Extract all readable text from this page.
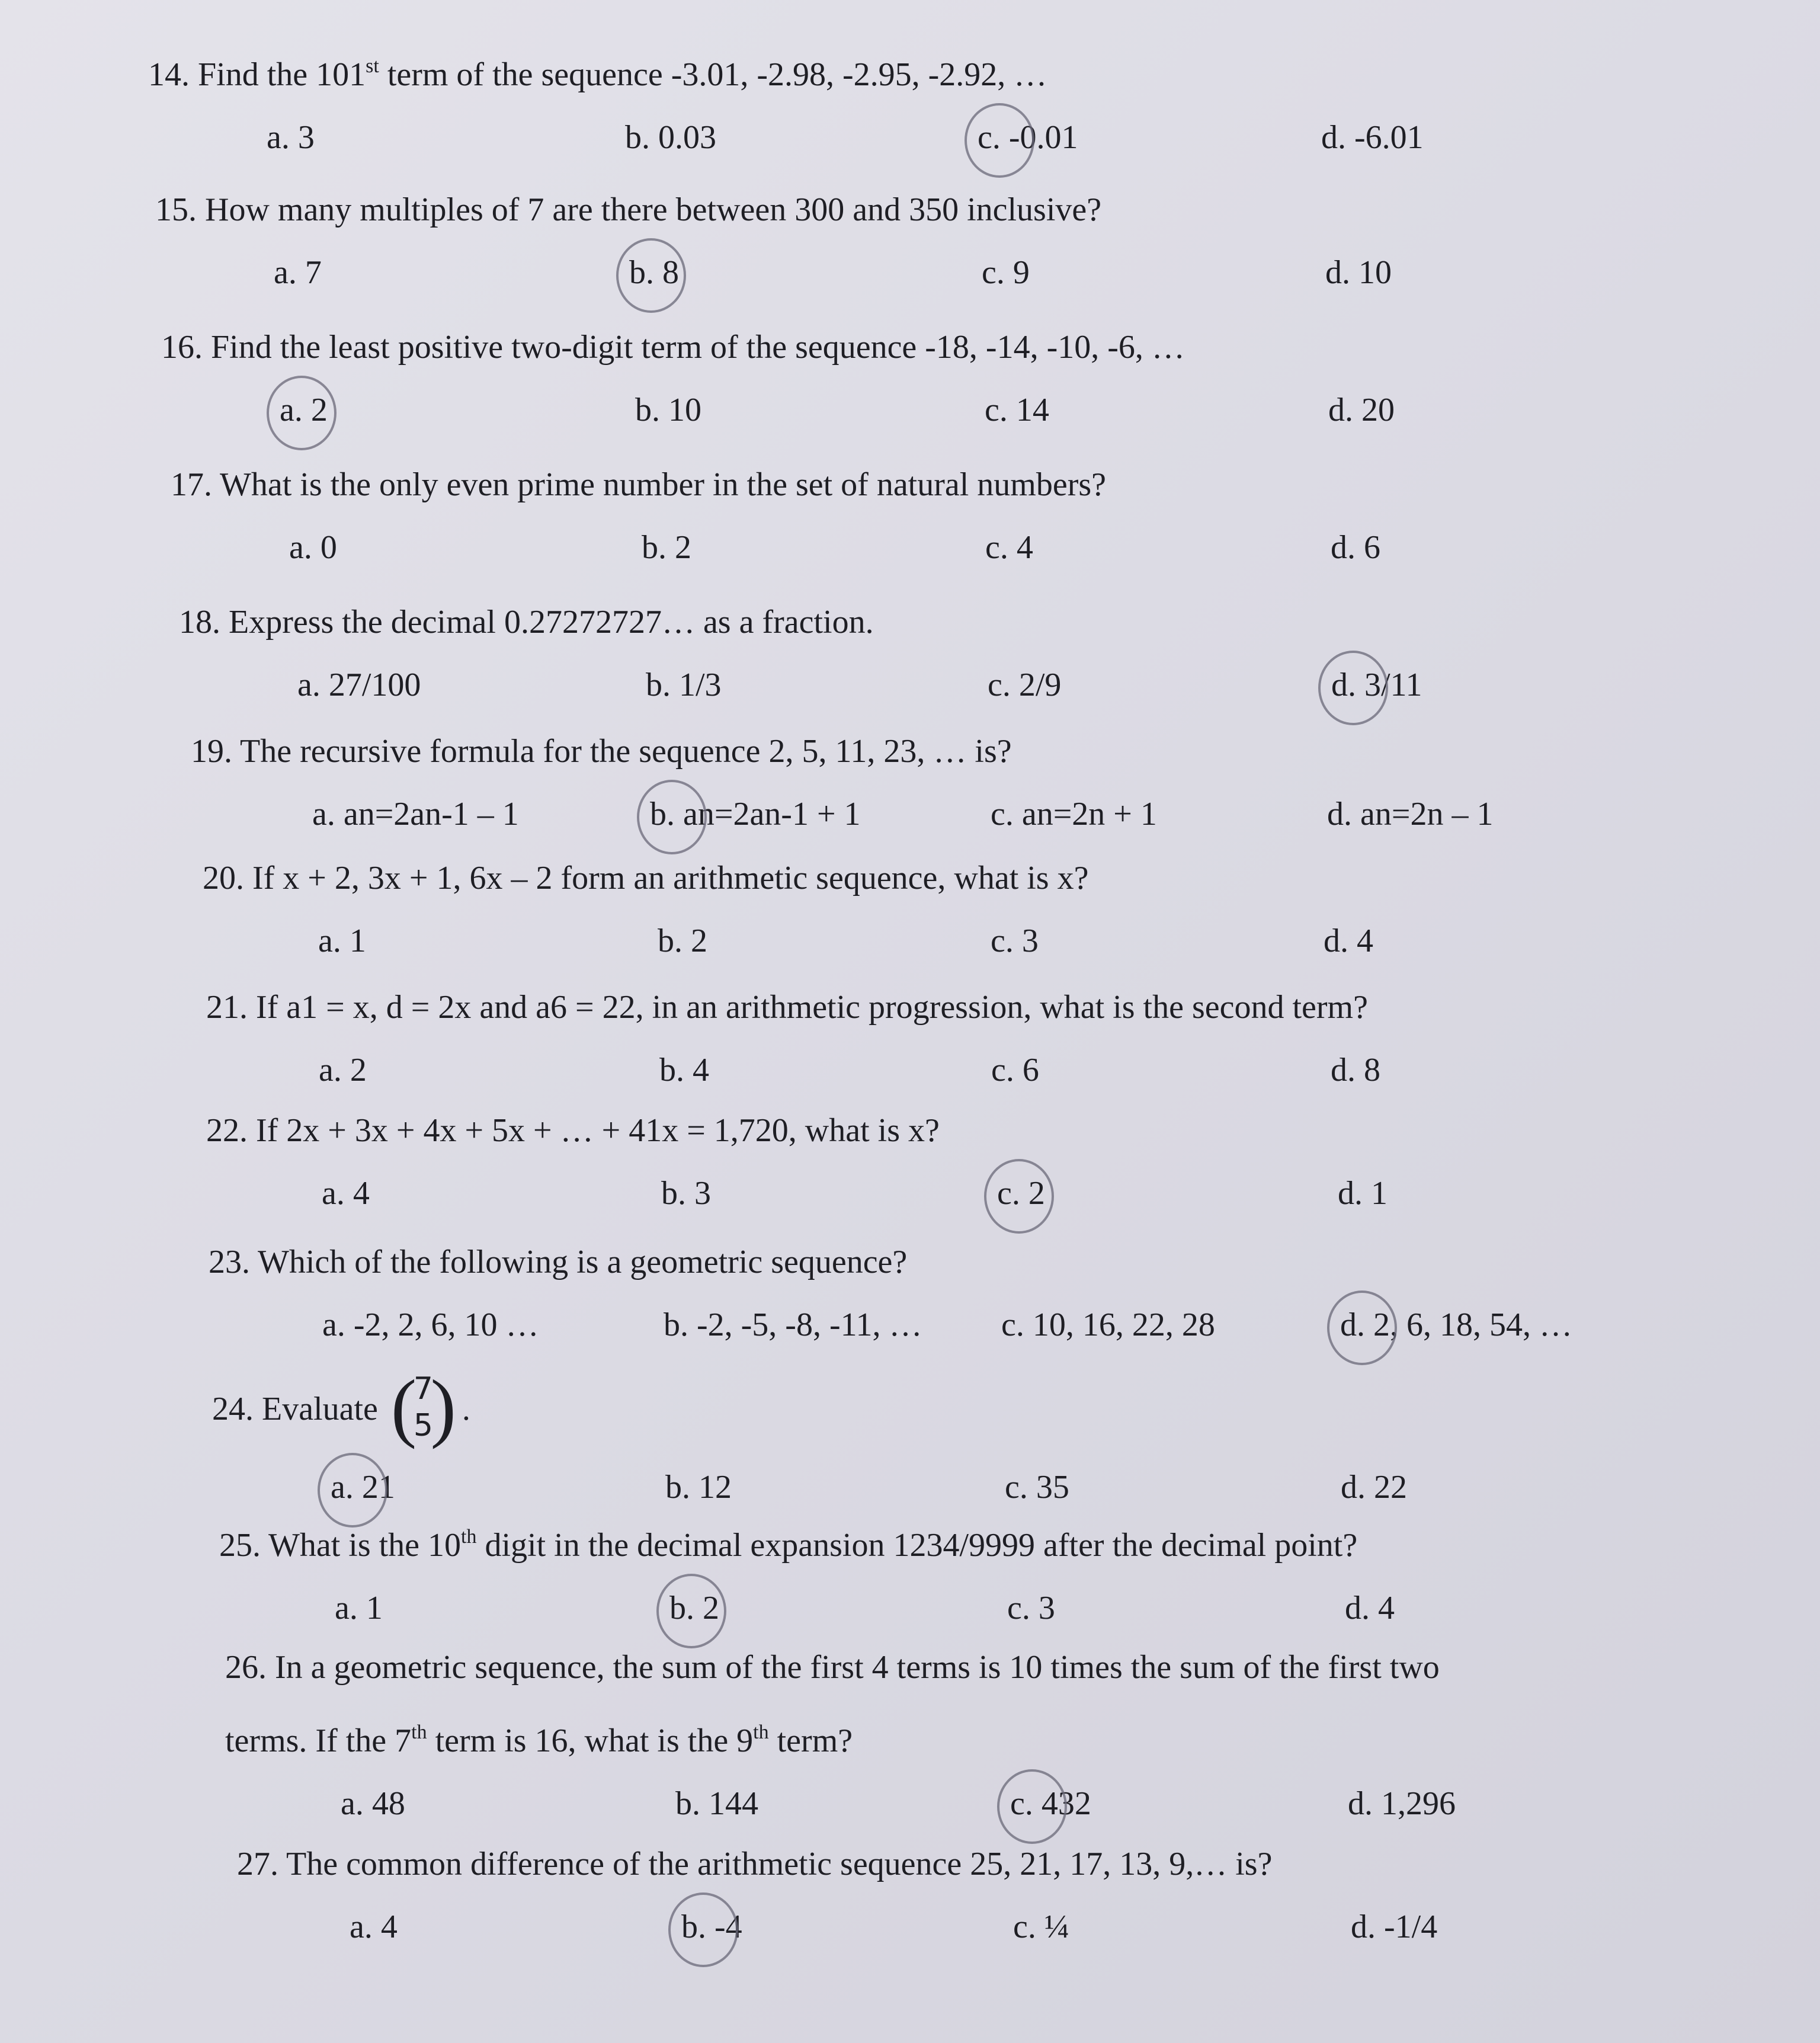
14. Find the 101st term of the sequence -3.01, -2.98, -2.95, -2.92, …
a. 3	b. 0.03	c. -0.01	d. -6.01
15. How many multiples of 7 are there between 300 and 350 inclusive?
a. 7	b. 8	c. 9	d. 10
16. Find the least positive two-digit term of the sequence -18, -14, -10, -6, …
a. 2	b. 10	c. 14	d. 20
17. What is the only even prime number in the set of natural numbers?
a. 0	b. 2	c. 4	d. 6
18. Express the decimal 0.27272727… as a fraction.
a. 27/100	b. 1/3	c. 2/9	d. 3/11
19. The recursive formula for the sequence 2, 5, 11, 23, … is?
a. an=2an-1 – 1	b. an=2an-1 + 1	c. an=2n + 1	d. an=2n – 1
20. If x + 2, 3x + 1, 6x – 2 form an arithmetic sequence, what is x?
a. 1	b. 2	c. 3	d. 4
21. If a1 = x, d = 2x and a6 = 22, in an arithmetic progression, what is the second term?
a. 2	b. 4	c. 6	d. 8
22. If 2x + 3x + 4x + 5x + … + 41x = 1,720, what is x?
a. 4	b. 3	c. 2	d. 1
23. Which of the following is a geometric sequence?
a. -2, 2, 6, 10 …	b. -2, -5, -8, -11, … c. 10, 16, 22, 28	d. 2, 6, 18, 54, …
24. Evaluate (
7
5
) .
a. 21	b. 12	c. 35	d. 22
25. What is the 10th digit in the decimal expansion 1234/9999 after the decimal point?
a. 1	b. 2	c. 3	d. 4
26. In a geometric sequence, the sum of the first 4 terms is 10 times the sum of the first two
terms. If the 7th term is 16, what is the 9th term?
a. 48	b. 144	c. 432	d. 1,296
27. The common difference of the arithmetic sequence 25, 21, 17, 13, 9,… is?
a. 4	b. -4	c. ¼	d. -1/4
